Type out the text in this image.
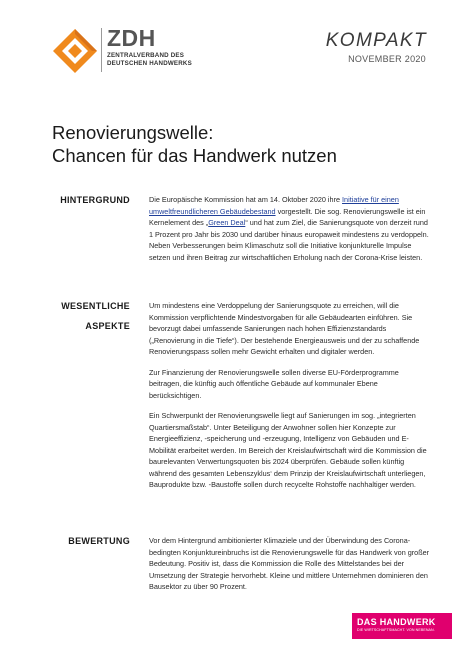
ZDH
ZENTRALVERBAND DES
DEUTSCHEN HANDWERKS
KOMPAKT
NOVEMBER 2020
Renovierungswelle:
Chancen für das Handwerk nutzen
HINTERGRUND	Die Europäische Kommission hat am 14. Oktober 2020 ihre Initiative für einen umweltfreundlicheren Gebäudebestand vorgestellt. Die sog. Renovierungswelle ist ein Kernelement des „Green Deal“ und hat zum Ziel, die Sanierungsquote von derzeit rund 1 Prozent pro Jahr bis 2030 und darüber hinaus europaweit mindestens zu verdoppeln. Neben Verbesserungen beim Klimaschutz soll die Initiative konjunkturelle Impulse setzen und ihren Beitrag zur wirtschaftlichen Erholung nach der Corona-Krise leisten.

WESENTLICHE
ASPEKTE

Um mindestens eine Verdoppelung der Sanierungsquote zu erreichen, will die Kommission verpflichtende Mindestvorgaben für alle Gebäudearten einführen. Sie bevorzugt dabei umfassende Sanierungen nach hohen Effizienzstandards („Renovierung in die Tiefe“). Der bestehende Energieausweis und der zu schaffende Renovierungspass sollen mehr Gewicht erhalten und digitaler werden.

Zur Finanzierung der Renovierungswelle sollen diverse EU-Förderprogramme beitragen, die künftig auch öffentliche Gebäude auf kommunaler Ebene berücksichtigen.

Ein Schwerpunkt der Renovierungswelle liegt auf Sanierungen im sog. „integrierten Quartiersmaßstab“. Unter Beteiligung der Anwohner sollen hier Konzepte zur Energieeffizienz, -speicherung und -erzeugung, Intelligenz von Gebäuden und E-Mobilität erarbeitet werden. Im Bereich der Kreislaufwirtschaft wird die Kommission die baurelevanten Verwertungsquoten bis 2024 überprüfen. Gebäude sollen künftig während des gesamten Lebenszyklus‘ dem Prinzip der Kreislaufwirtschaft unterliegen, Bauprodukte bzw. -Baustoffe sollen durch recycelte Rohstoffe nachhaltiger werden.

BEWERTUNG	Vor dem Hintergrund ambitionierter Klimaziele und der Überwindung des Corona-bedingten Konjunktureinbruchs ist die Renovierungswelle für das Handwerk von großer Bedeutung. Positiv ist, dass die Kommission die Rolle des Mittelstandes bei der Umsetzung der Strategie hervorhebt. Kleine und mittlere Unternehmen dominieren den Bausektor zu über 90 Prozent.

DAS HANDWERK
DIE WIRTSCHAFTSMACHT. VON NEBENAN.
